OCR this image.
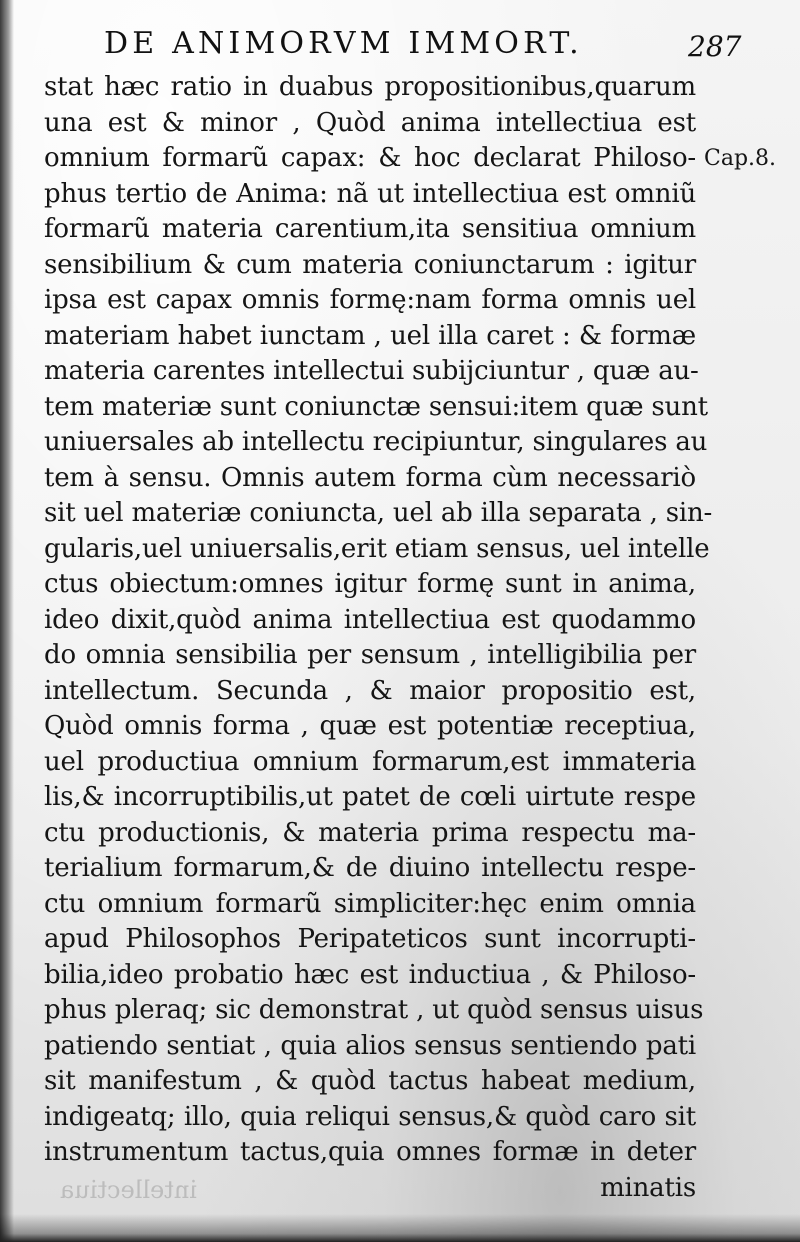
DE ANIMORVM IMMORT.	287
Cap.8.
stat hæc ratio in duabus propositionibus,quarum
una est & minor , Quòd anima intellectiua est
omnium formarũ capax: & hoc declarat Philoso-
phus tertio de Anima: nã ut intellectiua est omniũ
formarũ materia carentium,ita sensitiua omnium
sensibilium & cum materia coniunctarum : igitur
ipsa est capax omnis formę:nam forma omnis uel
materiam habet iunctam , uel illa caret : & formæ
materia carentes intellectui subijciuntur , quæ au-
tem materiæ sunt coniunctæ sensui:item quæ sunt
uniuersales ab intellectu recipiuntur, singulares au
tem à sensu. Omnis autem forma cùm necessariò
sit uel materiæ coniuncta, uel ab illa separata , sin-
gularis,uel uniuersalis,erit etiam sensus, uel intelle
ctus obiectum:omnes igitur formę sunt in anima,
ideo dixit,quòd anima intellectiua est quodammo
do omnia sensibilia per sensum , intelligibilia per
intellectum. Secunda , & maior propositio est,
Quòd omnis forma , quæ est potentiæ receptiua,
uel productiua omnium formarum,est immateria
lis,& incorruptibilis,ut patet de cœli uirtute respe
ctu productionis, & materia prima respectu ma-
terialium formarum,& de diuino intellectu respe-
ctu omnium formarũ simpliciter:hęc enim omnia
apud Philosophos Peripateticos sunt incorrupti-
bilia,ideo probatio hæc est inductiua , & Philoso-
phus pleraq; sic demonstrat , ut quòd sensus uisus
patiendo sentiat , quia alios sensus sentiendo pati
sit manifestum , & quòd tactus habeat medium,
indigeatq; illo, quia reliqui sensus,& quòd caro sit
instrumentum tactus,quia omnes formæ in deter
minatis
intellectiua
